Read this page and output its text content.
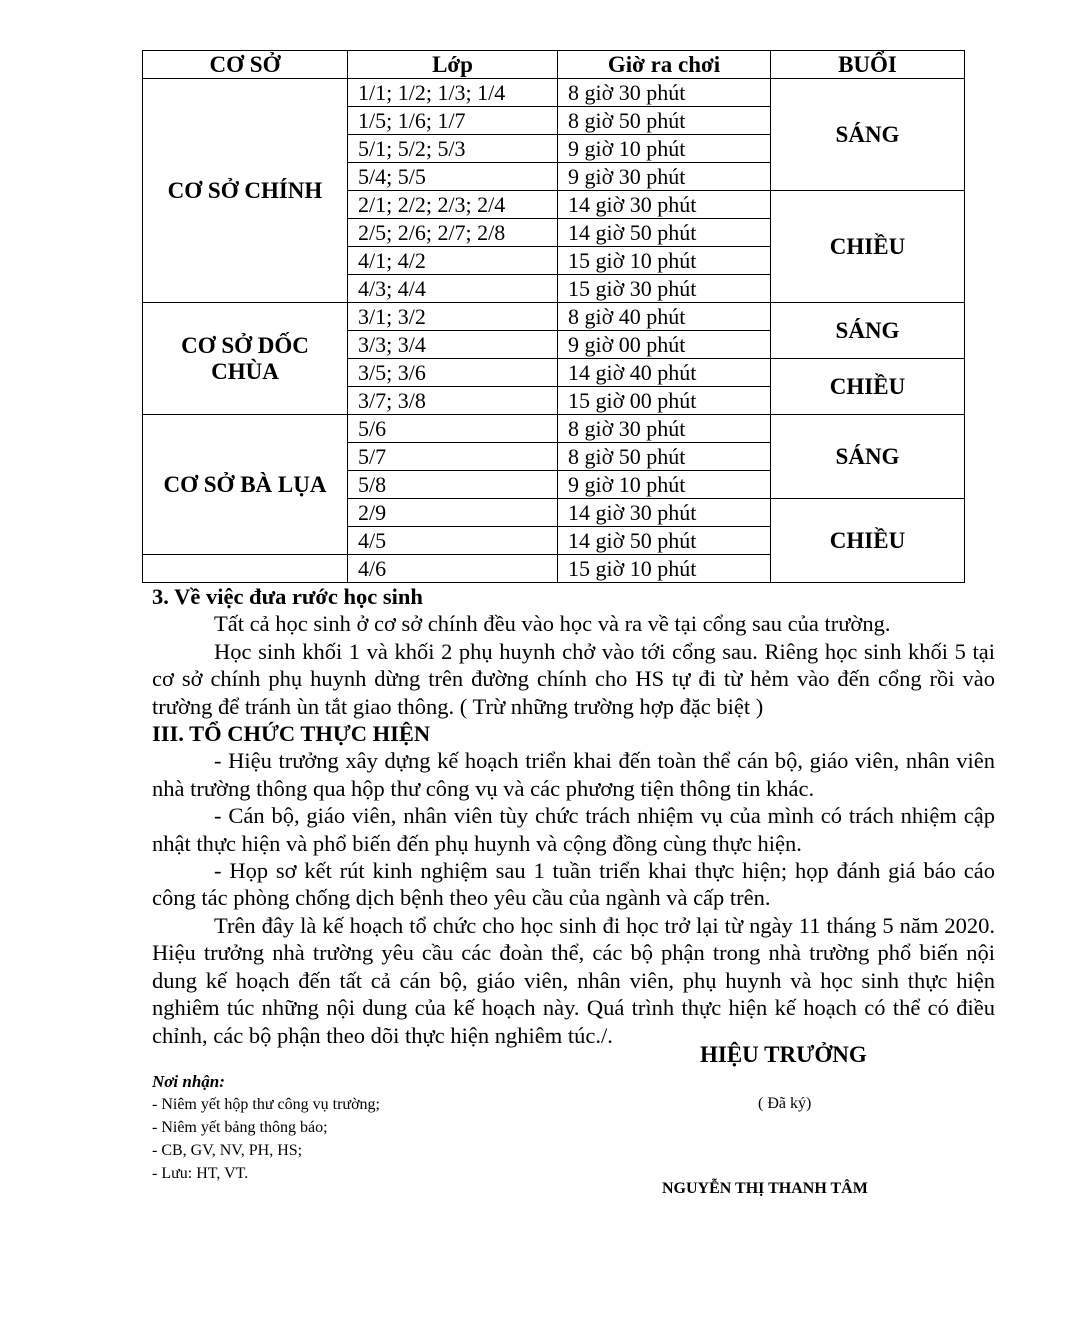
CƠ SỞ	Lớp	Giờ ra chơi	BUỔI
CƠ SỞ CHÍNH	1/1; 1/2; 1/3; 1/4	8 giờ 30 phút	SÁNG
	1/5; 1/6; 1/7	8 giờ 50 phút	
	5/1; 5/2; 5/3	9 giờ 10 phút	
	5/4; 5/5	9 giờ 30 phút	
	2/1; 2/2; 2/3; 2/4	14 giờ 30 phút	CHIỀU
	2/5; 2/6; 2/7; 2/8	14 giờ 50 phút	
	4/1; 4/2	15 giờ 10 phút	
	4/3; 4/4	15 giờ 30 phút	
CƠ SỞ DỐC CHÙA	3/1; 3/2	8 giờ 40 phút	SÁNG
	3/3; 3/4	9 giờ 00 phút	
	3/5; 3/6	14 giờ 40 phút	CHIỀU
	3/7; 3/8	15 giờ 00 phút	
CƠ SỞ BÀ LỤA	5/6	8 giờ 30 phút	SÁNG
	5/7	8 giờ 50 phút	
	5/8	9 giờ 10 phút	
	2/9	14 giờ 30 phút	CHIỀU
	4/5	14 giờ 50 phút	
	4/6	15 giờ 10 phút	

3. Về việc đưa rước học sinh

Tất cả học sinh ở cơ sở chính đều vào học và ra về tại cổng sau của trường.

Học sinh khối 1 và khối 2 phụ huynh chở vào tới cổng sau. Riêng học sinh khối 5 tại cơ sở chính phụ huynh dừng trên đường chính cho HS tự đi từ hẻm vào đến cổng rồi vào trường để tránh ùn tắt giao thông. ( Trừ những trường hợp đặc biệt )

III. TỔ CHỨC THỰC HIỆN

- Hiệu trưởng xây dựng kế hoạch triển khai đến toàn thể cán bộ, giáo viên, nhân viên nhà trường thông qua hộp thư công vụ và các phương tiện thông tin khác.

- Cán bộ, giáo viên, nhân viên tùy chức trách nhiệm vụ của mình có trách nhiệm cập nhật thực hiện và phổ biến đến phụ huynh và cộng đồng cùng thực hiện.

- Họp sơ kết rút kinh nghiệm sau 1 tuần triển khai thực hiện; họp đánh giá báo cáo công tác phòng chống dịch bệnh theo yêu cầu của ngành và cấp trên.

Trên đây là kế hoạch tổ chức cho học sinh đi học trở lại từ ngày 11 tháng 5 năm 2020. Hiệu trưởng nhà trường yêu cầu các đoàn thể, các bộ phận trong nhà trường phổ biến nội dung kế hoạch đến tất cả cán bộ, giáo viên, nhân viên, phụ huynh và học sinh thực hiện nghiêm túc những nội dung của kế hoạch này. Quá trình thực hiện kế hoạch có thể có điều chỉnh, các bộ phận theo dõi thực hiện nghiêm túc./.

HIỆU TRƯỞNG
Nơi nhận:
- Niêm yết hộp thư công vụ trường;
- Niêm yết bảng thông báo;
- CB, GV, NV, PH, HS;
- Lưu: HT, VT.
( Đã ký)
NGUYỄN THỊ THANH TÂM
